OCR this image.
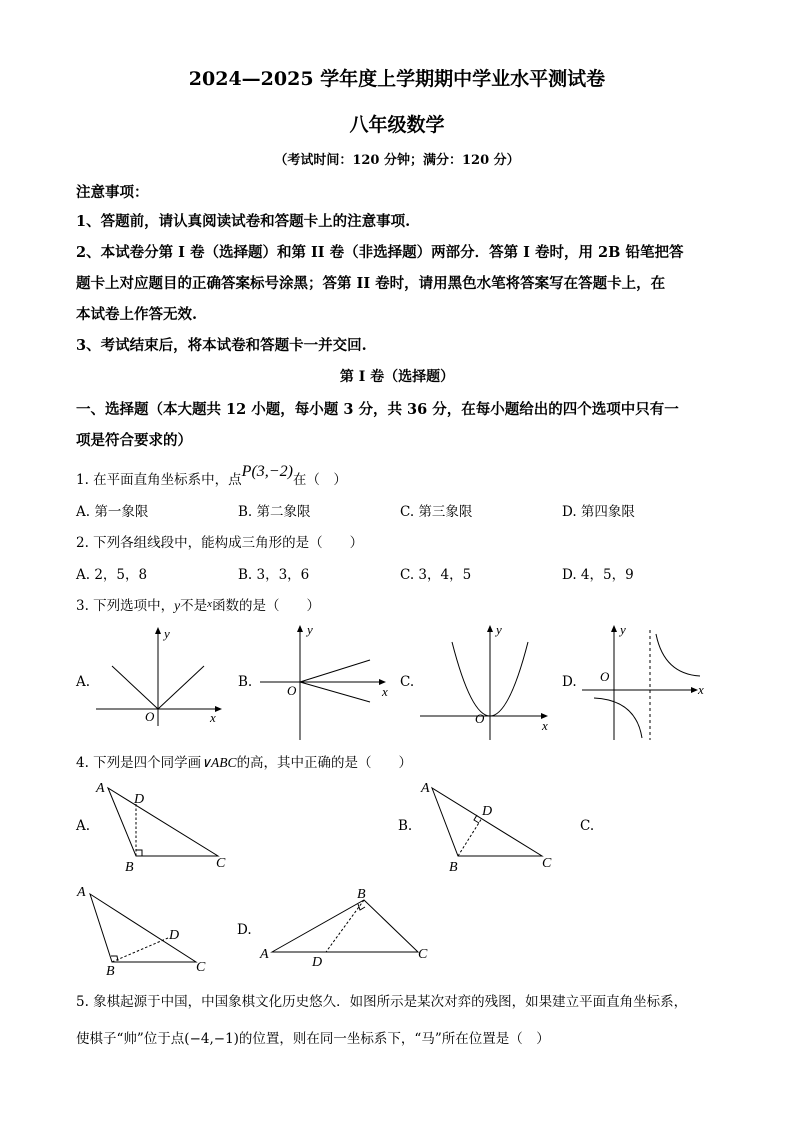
2024—2025 学年度上学期期中学业水平测试卷
八年级数学
（考试时间：120 分钟；满分：120 分）
注意事项：
1、答题前，请认真阅读试卷和答题卡上的注意事项.
2、本试卷分第 I 卷（选择题）和第 II 卷（非选择题）两部分．答第 I 卷时，用 2B 铅笔把答
题卡上对应题目的正确答案标号涂黑；答第 II 卷时，请用黑色水笔将答案写在答题卡上，在
本试卷上作答无效.
3、考试结束后，将本试卷和答题卡一并交回.
第 I 卷（选择题）
一、选择题（本大题共 12 小题，每小题 3 分，共 36 分，在每小题给出的四个选项中只有一
项是符合要求的）
1. 在平面直角坐标系中，点P(3,−2)在（　）
A. 第一象限	B. 第二象限	C. 第三象限	D. 第四象限
2. 下列各组线段中，能构成三角形的是（　　）
A. 2，5，8	B. 3，3，6	C. 3，4，5	D. 4，5，9
3. 下列选项中，y不是$^x$函数的是（　　）
A.	B.	C.	D.
y
x
O
y
x
O
y
x
O
y
x
O
4. 下列是四个同学画∨ABC的高，其中正确的是（　　）
A.	B.	C.
D.
A
D
B	C
A
D
B	C
A
D
B	C
A
B
D
C
5. 象棋起源于中国，中国象棋文化历史悠久．如图所示是某次对弈的残图，如果建立平面直角坐标系，
使棋子“帅”位于点(−4,−1)的位置，则在同一坐标系下，“马”所在位置是（　）
